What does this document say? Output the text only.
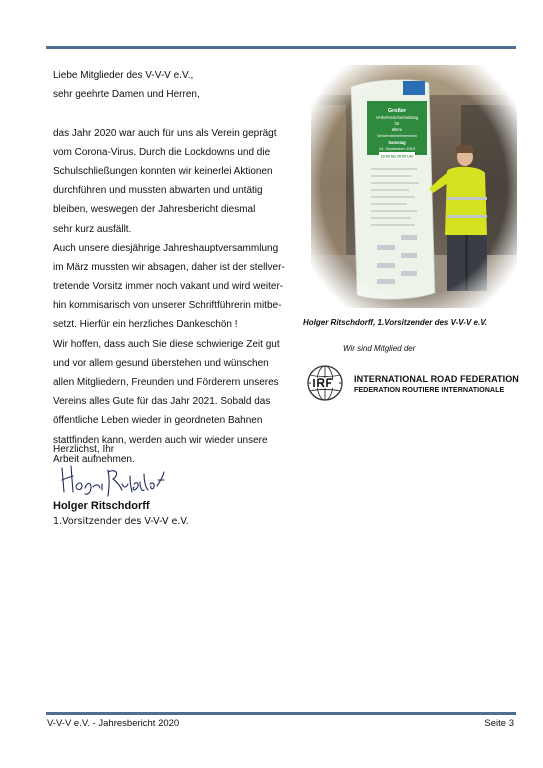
Liebe Mitglieder des V-V-V e.V.,
sehr geehrte Damen und Herren,
das Jahr 2020 war auch für uns als Verein geprägt
vom Corona-Virus. Durch die Lockdowns und die
Schulschließungen konnten wir keinerlei Aktionen
durchführen und mussten abwarten und untätig
bleiben, weswegen der Jahresbericht diesmal
sehr kurz ausfällt.
Auch unsere diesjährige Jahreshauptversammlung
im März mussten wir absagen, daher ist der stellver-
tretende Vorsitz immer noch vakant und wird weiter-
hin kommisarisch von unserer Schriftführerin mitbe-
setzt. Hierfür ein herzliches Dankeschön !
Wir hoffen, dass auch Sie diese schwierige Zeit gut
und vor allem gesund überstehen und wünschen
allen Mitgliedern, Freunden und Förderern unseres
Vereins alles Gute für das Jahr 2021. Sobald das
öffentliche Leben wieder in geordneten Bahnen
stattfinden kann, werden auch wir wieder unsere
Arbeit aufnehmen.
Herzlichst, Ihr
Holger Ritschdorff
1.Vorsitzender des V-V-V e.V.
Holger Ritschdorff, 1.Vorsitzender des V-V-V e.V.
Wir sind Mitglied der
INTERNATIONAL ROAD FEDERATION
FEDERATION ROUTIERE INTERNATIONALE
V-V-V e.V. - Jahresbericht 2020	Seite 3
